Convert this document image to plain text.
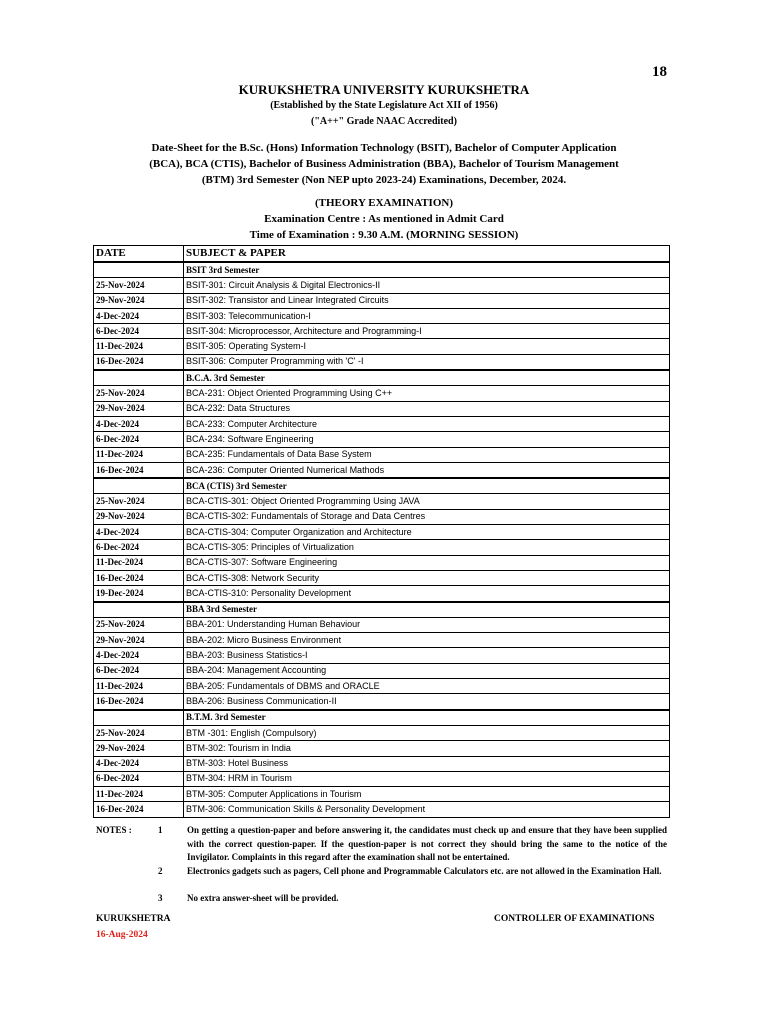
18
KURUKSHETRA UNIVERSITY KURUKSHETRA
(Established by the State Legislature Act XII of 1956)
("A++" Grade NAAC Accredited)
Date-Sheet for the B.Sc. (Hons) Information Technology (BSIT), Bachelor of Computer Application
(BCA), BCA (CTIS), Bachelor of Business Administration (BBA), Bachelor of Tourism Management
(BTM) 3rd Semester (Non NEP upto 2023-24) Examinations, December, 2024.
(THEORY EXAMINATION)
Examination Centre : As mentioned in Admit Card
Time of Examination : 9.30 A.M. (MORNING SESSION)
DATE	SUBJECT & PAPER
	BSIT 3rd Semester
25-Nov-2024	BSIT-301: Circuit Analysis & Digital Electronics-II
29-Nov-2024	BSIT-302: Transistor and Linear Integrated Circuits
4-Dec-2024	BSIT-303: Telecommunication-I
6-Dec-2024	BSIT-304: Microprocessor, Architecture and Programming-I
11-Dec-2024	BSIT-305: Operating System-I
16-Dec-2024	BSIT-306: Computer Programming with 'C' -I
	B.C.A. 3rd Semester
25-Nov-2024	BCA-231: Object Oriented Programming Using C++
29-Nov-2024	BCA-232: Data Structures
4-Dec-2024	BCA-233: Computer Architecture
6-Dec-2024	BCA-234: Software Engineering
11-Dec-2024	BCA-235: Fundamentals of Data Base System
16-Dec-2024	BCA-236: Computer Oriented Numerical Mathods
	BCA (CTIS) 3rd Semester
25-Nov-2024	BCA-CTIS-301: Object Oriented Programming Using JAVA
29-Nov-2024	BCA-CTIS-302: Fundamentals of Storage and Data Centres
4-Dec-2024	BCA-CTIS-304: Computer Organization and Architecture
6-Dec-2024	BCA-CTIS-305: Principles of Virtualization
11-Dec-2024	BCA-CTIS-307: Software Engineering
16-Dec-2024	BCA-CTIS-308: Network Security
19-Dec-2024	BCA-CTIS-310: Personality Development
	BBA 3rd Semester
25-Nov-2024	BBA-201: Understanding Human Behaviour
29-Nov-2024	BBA-202: Micro Business Environment
4-Dec-2024	BBA-203: Business Statistics-I
6-Dec-2024	BBA-204: Management Accounting
11-Dec-2024	BBA-205: Fundamentals of DBMS and ORACLE
16-Dec-2024	BBA-206: Business Communication-II
	B.T.M. 3rd Semester
25-Nov-2024	BTM -301: English (Compulsory)
29-Nov-2024	BTM-302: Tourism in India
4-Dec-2024	BTM-303: Hotel Business
6-Dec-2024	BTM-304: HRM in Tourism
11-Dec-2024	BTM-305: Computer Applications in Tourism
16-Dec-2024	BTM-306: Communication Skills & Personality Development
NOTES :	1	On getting a question-paper and before answering it, the candidates must check up and ensure that they have been supplied with the correct question-paper. If the question-paper is not correct they should bring the same to the notice of the Invigilator. Complaints in this regard after the examination shall not be entertained.
2	Electronics gadgets such as pagers, Cell phone and Programmable Calculators etc. are not allowed in the Examination Hall.
3	No extra answer-sheet will be provided.
KURUKSHETRA
16-Aug-2024
CONTROLLER OF EXAMINATIONS
